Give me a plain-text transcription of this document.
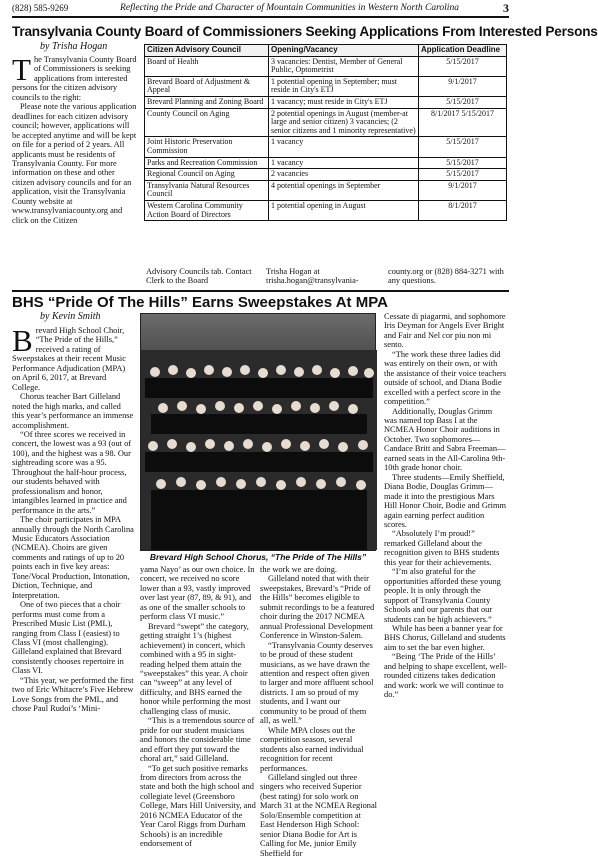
(828) 585-9269	Reflecting the Pride and Character of Mountain Communities in Western North Carolina	3
Transylvania County Board of Commissioners Seeking Applications From Interested Persons
by Trisha Hogan
T he Transylvania County Board of Commissioners is seeking applications from interested persons for the citizen advisory councils to the right:

Please note the various application deadlines for each citizen advisory council; however, applications will be accepted anytime and will be kept on file for a period of 2 years. All applicants must be residents of Transylvania County. For more information on these and other citizen advisory councils and for an application, visit the Transylvania County website at www.transylvaniacounty.org and click on the Citizen

Citizen Advisory Council	Opening/Vacancy	Application Deadline
Board of Health	3 vacancies: Dentist, Member of General Public, Optometrist	5/15/2017
Brevard Board of Adjustment & Appeal	1 potential opening in September; must reside in City's ETJ	9/1/2017
Brevard Planning and Zoning Board	1 vacancy; must reside in City's ETJ	5/15/2017
County Council on Aging	2 potential openings in August (member-at large and senior citizen) 3 vacancies; (2 senior citizens and 1 minority representative)	8/1/2017 5/15/2017
Joint Historic Preservation Commission	1 vacancy	5/15/2017
Parks and Recreation Commission	1 vacancy	5/15/2017
Regional Council on Aging	2 vacancies	5/15/2017
Transylvania Natural Resources Council	4 potential openings in September	9/1/2017
Western Carolina Community Action Board of Directors	1 potential opening in August	8/1/2017
Advisory Councils tab. Contact Clerk to the Board
Trisha Hogan at trisha.hogan@transylvania-
county.org or (828) 884-3271 with any questions.
BHS “Pride Of The Hills” Earns Sweepstakes At MPA
by Kevin Smith
B revard High School Choir, “The Pride of the Hills,” received a rating of Sweepstakes at their recent Music Performance Adjudication (MPA) on April 6, 2017, at Brevard College.

Chorus teacher Bart Gilleland noted the high marks, and called this year’s performance an immense accomplishment.

“Of three scores we received in concert, the lowest was a 93 (out of 100), and the highest was a 98. Our sightreading score was a 95. Throughout the half-hour process, our students behaved with professionalism and honor, intangibles learned in practice and performance in the arts.”

The choir participates in MPA annually through the North Carolina Music Educators Association (NCMEA). Choirs are given comments and ratings of up to 20 points each in five key areas: Tone/Vocal Production, Intonation, Diction, Technique, and Interpretation.

One of two pieces that a choir performs must come from a Prescribed Music List (PML), ranging from Class I (easiest) to Class VI (most challenging). Gilleland explained that Brevard consistently chooses repertoire in Class VI.

“This year, we performed the first two of Eric Whitacre’s Five Hebrew Love Songs from the PML, and chose Paul Rudoi’s ‘Mini-

Brevard High School Chorus, “The Pride of The Hills”

yama Nayo’ as our own choice. In concert, we received no score lower than a 93, vastly improved over last year (87, 89, & 91), and as one of the smaller schools to perform class VI music.”

Brevard “swept” the category, getting straight 1’s (highest achievement) in concert, which combined with a 95 in sight-reading helped them attain the “sweepstakes” this year. A choir can “sweep” at any level of difficulty, and BHS earned the honor while performing the most challenging class of music.

“This is a tremendous source of pride for our student musicians and honors the considerable time and effort they put toward the choral art,” said Gilleland.

“To get such positive remarks from directors from across the state and both the high school and collegiate level (Greensboro College, Mars Hill University, and 2016 NCMEA Educator of the Year Carol Riggs from Durham Schools) is an incredible endorsement of

the work we are doing.

Gilleland noted that with their sweepstakes, Brevard’s “Pride of the Hills” becomes eligible to submit recordings to be a featured choir during the 2017 NCMEA annual Professional Development Conference in Winston-Salem.

“Transylvania County deserves to be proud of these student musicians, as we have drawn the attention and respect often given to larger and more affluent school districts. I am so proud of my students, and I want our community to be proud of them all, as well.”

While MPA closes out the competition season, several students also earned individual recognition for recent performances.

Gilleland singled out three singers who received Superior (best rating) for solo work on March 31 at the NCMEA Regional Solo/Ensemble competition at East Henderson High School: senior Diana Bodie for Art is Calling for Me, junior Emily Sheffield for

Cessate di piagarmi, and sophomore Iris Deyman for Angels Ever Bright and Fair and Nel cor piu non mi sento.

“The work these three ladies did was entirely on their own, or with the assistance of their voice teachers outside of school, and Diana Bodie excelled with a perfect score in the competition.”

Additionally, Douglas Grimm was named top Bass I at the NCMEA Honor Choir auditions in October. Two sophomores—Candace Britt and Sabra Freeman—earned seats in the All-Carolina 9th-10th grade honor choir.

Three students—Emily Sheffield, Diana Bodie, Douglas Grimm—made it into the prestigious Mars Hill Honor Choir, Bodie and Grimm again earning perfect audition scores.

“Absolutely I’m proud!” remarked Gilleland about the recognition given to BHS students this year for their achievements.

“I’m also grateful for the opportunities afforded these young people. It is only through the support of Transylvania County Schools and our parents that our students can be high achievers.”

While has been a banner year for BHS Chorus, Gilleland and students aim to set the bar even higher.

“Being ‘The Pride of the Hills’ and helping to shape excellent, well-rounded citizens takes dedication and work: work we will continue to do.”
